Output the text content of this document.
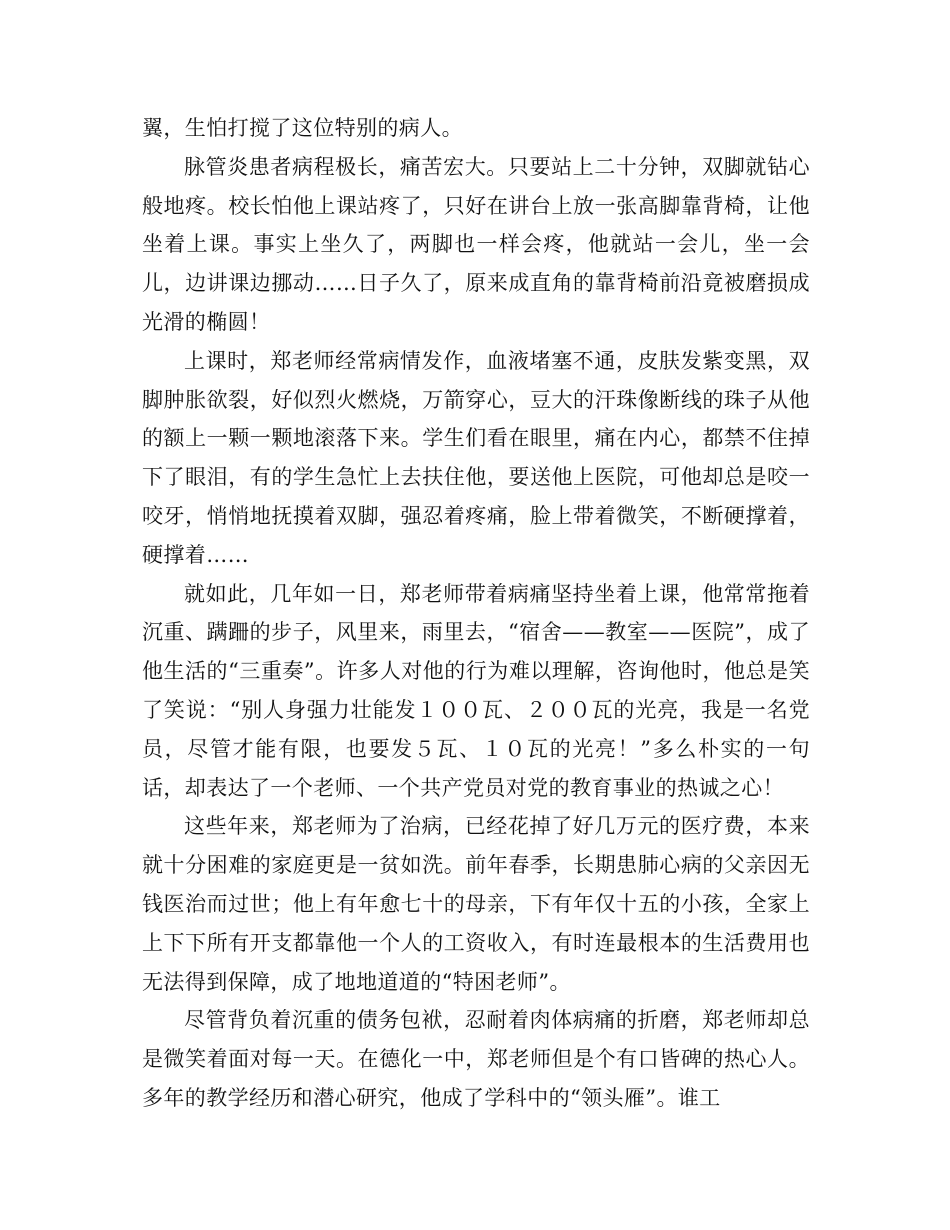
翼，生怕打搅了这位特别的病人。

脉管炎患者病程极长，痛苦宏大。只要站上二十分钟，双脚就钻心般地疼。校长怕他上课站疼了，只好在讲台上放一张高脚靠背椅，让他坐着上课。事实上坐久了，两脚也一样会疼，他就站一会儿，坐一会儿，边讲课边挪动……日子久了，原来成直角的靠背椅前沿竟被磨损成光滑的椭圆！

上课时，郑老师经常病情发作，血液堵塞不通，皮肤发紫变黑，双脚肿胀欲裂，好似烈火燃烧，万箭穿心，豆大的汗珠像断线的珠子从他的额上一颗一颗地滚落下来。学生们看在眼里，痛在内心，都禁不住掉下了眼泪，有的学生急忙上去扶住他，要送他上医院，可他却总是咬一咬牙，悄悄地抚摸着双脚，强忍着疼痛，脸上带着微笑，不断硬撑着，硬撑着……

就如此，几年如一日，郑老师带着病痛坚持坐着上课，他常常拖着沉重、蹒跚的步子，风里来，雨里去，“宿舍——教室——医院”，成了他生活的“三重奏”。许多人对他的行为难以理解，咨询他时，他总是笑了笑说：“别人身强力壮能发１００瓦、２００瓦的光亮，我是一名党员，尽管才能有限，也要发５瓦、１０瓦的光亮！”多么朴实的一句话，却表达了一个老师、一个共产党员对党的教育事业的热诚之心！

这些年来，郑老师为了治病，已经花掉了好几万元的医疗费，本来就十分困难的家庭更是一贫如洗。前年春季，长期患肺心病的父亲因无钱医治而过世；他上有年愈七十的母亲，下有年仅十五的小孩，全家上上下下所有开支都靠他一个人的工资收入，有时连最根本的生活费用也无法得到保障，成了地地道道的“特困老师”。

尽管背负着沉重的债务包袱，忍耐着肉体病痛的折磨，郑老师却总是微笑着面对每一天。在德化一中，郑老师但是个有口皆碑的热心人。多年的教学经历和潜心研究，他成了学科中的“领头雁”。谁工
